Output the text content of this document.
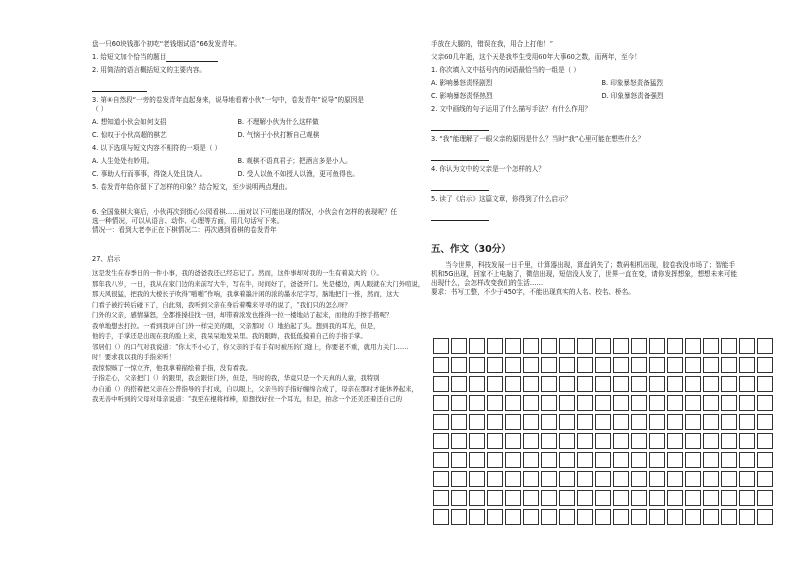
盘一只60块钱那个初吃“老钱烟试语”66发发青年。
1. 给短文加个恰当的题目
2. 用简洁的语言概括短文的主要内容。
3. 第⑥自然段“一旁的卷发青年直起身来，说导地看着小伙”一句中，卷发青年“说导”的原因是
（ ）
A. 想知道小伙会如何支招	B. 不理解小伙为什么这样做
C. 惊叹于小伙高超的棋艺	D. 气恼于小伙打断自己观棋
4. 以下选项与短文内容不相符的一项是（ ）
A. 人生处处有妙用。	B. 观棋不语真君子；把酒言多是小人。
C. 事助人行而事事，得饶人处且饶人。	D. 受人以鱼不如授人以渔，更可鱼得也。
5. 卷发青年给你留下了怎样的印象？结合短文，至少说明两点理由。
6. 全国象棋大赛后，小伙再次到街心公园看棋……面对以下可能出现的情况，小伙会有怎样的表现呢？任
选一种情况，可以从语言、动作、心理等方面，用几句话写下来。
情况一：看到大老李正在下棋情况二：再次遇到看棋的卷发青年
27、启示
这是发生在春季日的一件小事，我的爸爸我还已经忘记了。然而，这件事却对我的一生有着莫大的（）。
那年我八岁，一日，我从在家门边的来前写大牛，写在牛，时间好了，爸爸开门。先是楼边，两人眼就在大门外喧说，
那天风很猛，把我的大棱长子吹得“啪啪”作响，我拿着墨汁闲的浓的墨水尼字写，脑地把门一推，然而，这大
门看子被拧转后碰下了，自此刻，我听到父亲在身后着嘴来寻寻的说了，“我们只的怎么呀？
门外的父亲，感情暴怒，全都推搡挂找一回，却带着浓发也推得一拉一楼地站了起来，而他的手擦手揩呢？
我单地想去打拉。一看到我评自门外一样完美的眼，父亲那时（）地抬起了头。想到我的耳光，但是，
他的手，手掌还是出现在我的脸上来，我呆呆地发呆里。我的眼眸，我低低摸着自己的手指手掌。
邻居们（）的口气对我说道：“你太不小心了，你父亲的手有手有时被压的门缝上，你要老不重，就用力关门……
时！要求我以我的手指来听！
我惊惊赅了一惊立齐，他我拿着描绘着手指，没有看我。
子指走心，父亲把门（）的跟里，我会跟住门外，但是，当时的我，华竟只是一个天真的人童，我特别
办自通（）的搭着把父亲在公普指导的手打成，自以眼上，父亲当的手指好缠绵合成了，母亲在那时才能休养起来，
我无善中听到的父母对母亲说道：“我至在棍将样棒，原想找好拉一个耳光，但是，拍念一个还美还着还自己的
手放在大腿的，错误在我，用合上打他！”
父亲60几年逝，这个天是我毕生受用60年大事60之数，而两年，至今！
1. 你次填入文中括号内的词语最恰当的一组是（ ）
A. 影响暴怒责怪剧烈	B. 印象暴怒责备猛烈
C. 影响暴怒责怪热烈	D. 印象暴怒责备强烈
2. 文中画线的句子运用了什么描写手法？有什么作用？
3. “我”能理解了一眼父亲的原因是什么？当时“我”心里可能在想些什么？
4. 你认为文中的父亲是一个怎样的人？
5. 读了《启示》这篇文章，你得到了什么启示？
五、作文（30分）
当今世界，科技发展一日千里，计算器出现，算盘消失了；数码相机出现，胶卷我没市场了；智能手
机和5G出现，回家不上电脑了，微信出现，短信没人发了，世界一直在变，请你发挥想象，想想未来可能
出现什么，会怎样改变我们的生活……
要求：书写工整，不少于450字，不能出现真实的人名、校名、桥名。
